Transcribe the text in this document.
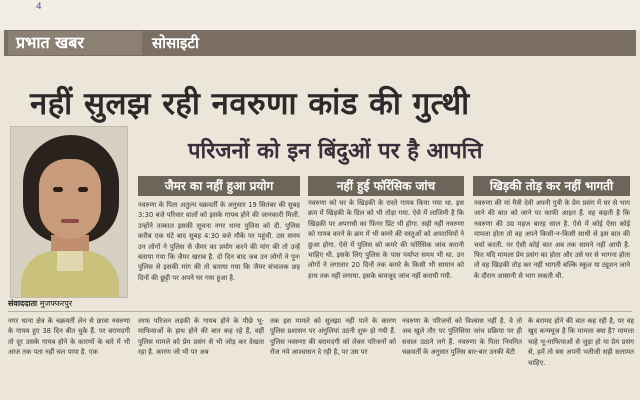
4
प्रभात खबर	सोसाइटी
नहीं सुलझ रही नवरुणा कांड की गुत्थी
परिजनों को इन बिंदुओं पर है आपत्ति
संवाददाता मुजफ्फरपुर
जैमर का नहीं हुआ प्रयोग	नहीं हुई फॉरेंसिक जांच	खिड़की तोड़ कर नहीं भागती
नवरुणा के पिता अतुल्य चक्रवर्ती के अनुसार 19 सितंबर की सुबह 3:30 बजे परिवार वालों को इसके गायब होने की जानकारी मिली. उन्होंने तत्काल इसकी सूचना नगर थाना पुलिस को दी. पुलिस करीब एक घंटे बाद सुबह 4:30 बजे मौके पर पहुंची. उस समय उन लोगों ने पुलिस से जैमर का प्रयोग करने की मांग की तो उन्हें बताया गया कि जैमर खराब है. दो दिन बाद जब उन लोगों ने पुनः पुलिस से इसकी मांग की तो बताया गया कि जैमर संचालक छह दिनों की छुट्टी पर अपने घर गया हुआ है.
नवरुणा को घर के खिड़की के रास्ते गायब किया गया था. इस क्रम में खिड़की के ग्रिल को भी तोड़ा गया. ऐसे में लाजिमी है कि खिड़की पर अपराधी का फिंगर प्रिंट भी होगा. सही नहीं नवरुणा को गायब करने के क्रम में भी कमरे की वस्तुओं को अपराधियों ने छुआ होगा. ऐसे में पुलिस को कमरे की फॉरेंसिक जांच करानी चाहिए थी. इसके लिए पुलिस के पास पर्याप्त समय भी था. उन लोगों ने लगातार 20 दिनों तक कमरे के किसी भी सामान को हाथ तक नहीं लगाया. इसके बावजूद जांच नहीं करायी गयी.
नवरुणा की मां मैत्री देवी अपनी पुत्री के प्रेम प्रसंग में घर से भाग जाने की बात को जाने पर काफी आहत हैं. वह कहती है कि नवरुणा की उम्र महज बारह साल है. ऐसे में कोई ऐसा कोई मामला होता तो वह अपने किसी-न-किसी साथी से इस बात की चर्चा करती. पर ऐसी कोई बात अब तक सामने नहीं आयी है. फिर यदि मामला प्रेम प्रसंग का होता और उसे घर से भागना होता तो वह खिड़की तोड़ कर नहीं भागती बल्कि स्कूल या ट्यूशन जाने के दौरान आसानी से भाग सकती थी.
नगर थाना क्षेत्र के चक्रवर्ती लेन से छात्रा नवरुणा के गायब हुए 38 दिन बीत चुके हैं. पर बरामदगी तो दूर उसके गायब होने के कारणों के बारे में भी आज तक पता नहीं चल पाया है. एक
तरफ परिजन लड़की के गायब होने के पीछे भू-माफियाओं के हाथ होने की बात कह रहे हैं, वहीं पुलिस मामले को प्रेम प्रसंग से भी जोड़ कर देखता रहा है. कारण जो भी पर अब
तक इस मामले को सुलझा नहीं पाने के कारण पुलिस प्रशासन पर अंगुलियां उठनी शुरू हो गयी हैं. पुलिस नवरुणा की बरामदगी को लेकर परिजनों को रोज नये आश्वासन दे रही है, पर उस पर
नवरुणा के परिजनों को विश्वास नहीं है. वे तो अब खुले तौर पर पुलिसिया जांच प्रक्रिया पर ही सवाल उठाने लगे हैं. नवरुणा के पिता नियमित चक्रवर्ती के अनुसार पुलिस बार-बार उनकी बेटी
के बरामद होने की बात कह रही है, पर वह खुद कन्फ्यूज है कि मामला क्या है? मामला चाहे भू-माफियाओं से जुड़ा हो या प्रेम प्रसंग से, हमें तो बस अपनी भतीजी सही सलामत चाहिए.
